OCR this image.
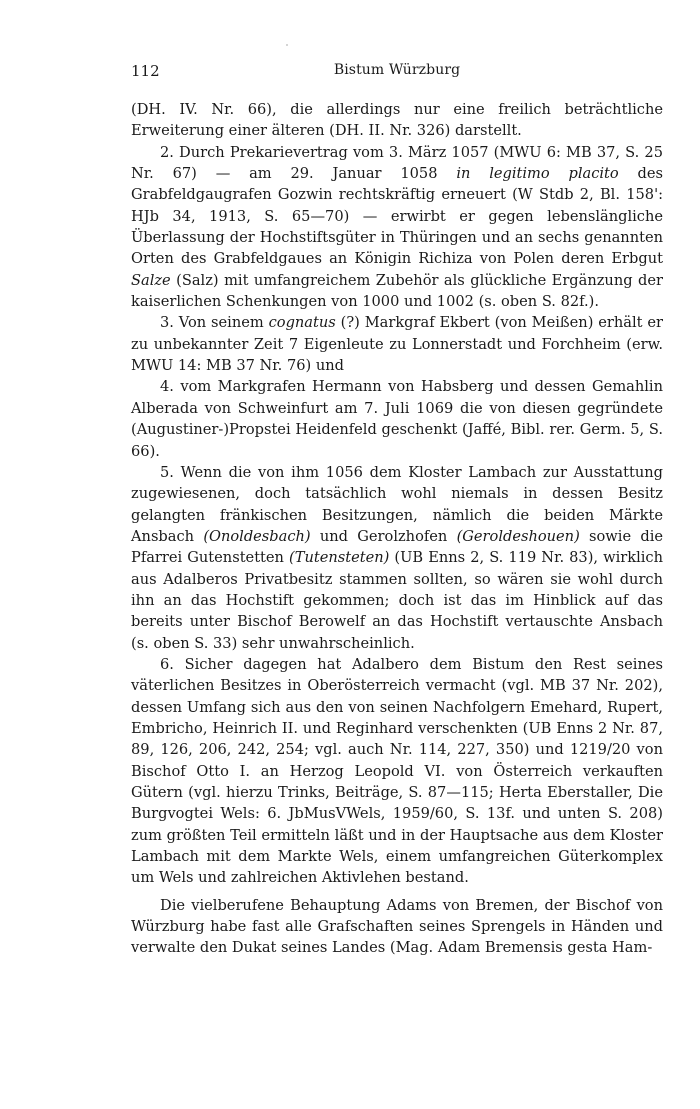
112	Bistum Würzburg

(DH. IV. Nr. 66), die allerdings nur eine freilich beträchtliche Erweiterung einer älteren (DH. II. Nr. 326) darstellt.

2. Durch Prekarievertrag vom 3. März 1057 (MWU 6: MB 37, S. 25 Nr. 67) — am 29. Januar 1058 in legitimo placito des Grabfeldgaugrafen Gozwin rechtskräftig erneuert (W Stdb 2, Bl. 158': HJb 34, 1913, S. 65—70) — erwirbt er gegen lebenslängliche Überlassung der Hochstiftsgüter in Thüringen und an sechs genannten Orten des Grabfeldgaues an Königin Richiza von Polen deren Erbgut Salze (Salz) mit umfangreichem Zubehör als glückliche Ergänzung der kaiserlichen Schenkungen von 1000 und 1002 (s. oben S. 82f.).

3. Von seinem cognatus (?) Markgraf Ekbert (von Meißen) erhält er zu unbekannter Zeit 7 Eigenleute zu Lonnerstadt und Forchheim (erw. MWU 14: MB 37 Nr. 76) und

4. vom Markgrafen Hermann von Habsberg und dessen Gemahlin Alberada von Schweinfurt am 7. Juli 1069 die von diesen gegründete (Augustiner-)Propstei Heidenfeld geschenkt (Jaffé, Bibl. rer. Germ. 5, S. 66).

5. Wenn die von ihm 1056 dem Kloster Lambach zur Ausstattung zugewiesenen, doch tatsächlich wohl niemals in dessen Besitz gelangten fränkischen Besitzungen, nämlich die beiden Märkte Ansbach (Onoldesbach) und Gerolzhofen (Geroldeshouen) sowie die Pfarrei Gutenstetten (Tutensteten) (UB Enns 2, S. 119 Nr. 83), wirklich aus Adalberos Privatbesitz stammen sollten, so wären sie wohl durch ihn an das Hochstift gekommen; doch ist das im Hinblick auf das bereits unter Bischof Berowelf an das Hochstift vertauschte Ansbach (s. oben S. 33) sehr unwahrscheinlich.

6. Sicher dagegen hat Adalbero dem Bistum den Rest seines väterlichen Besitzes in Oberösterreich vermacht (vgl. MB 37 Nr. 202), dessen Umfang sich aus den von seinen Nachfolgern Emehard, Rupert, Embricho, Heinrich II. und Reginhard verschenkten (UB Enns 2 Nr. 87, 89, 126, 206, 242, 254; vgl. auch Nr. 114, 227, 350) und 1219/20 von Bischof Otto I. an Herzog Leopold VI. von Österreich verkauften Gütern (vgl. hierzu Trinks, Beiträge, S. 87—115; Herta Eberstaller, Die Burgvogtei Wels: 6. JbMusVWels, 1959/60, S. 13f. und unten S. 208) zum größten Teil ermitteln läßt und in der Hauptsache aus dem Kloster Lambach mit dem Markte Wels, einem umfangreichen Güterkomplex um Wels und zahlreichen Aktivlehen bestand.

Die vielberufene Behauptung Adams von Bremen, der Bischof von Würzburg habe fast alle Grafschaften seines Sprengels in Händen und verwalte den Dukat seines Landes (Mag. Adam Bremensis gesta Ham-
